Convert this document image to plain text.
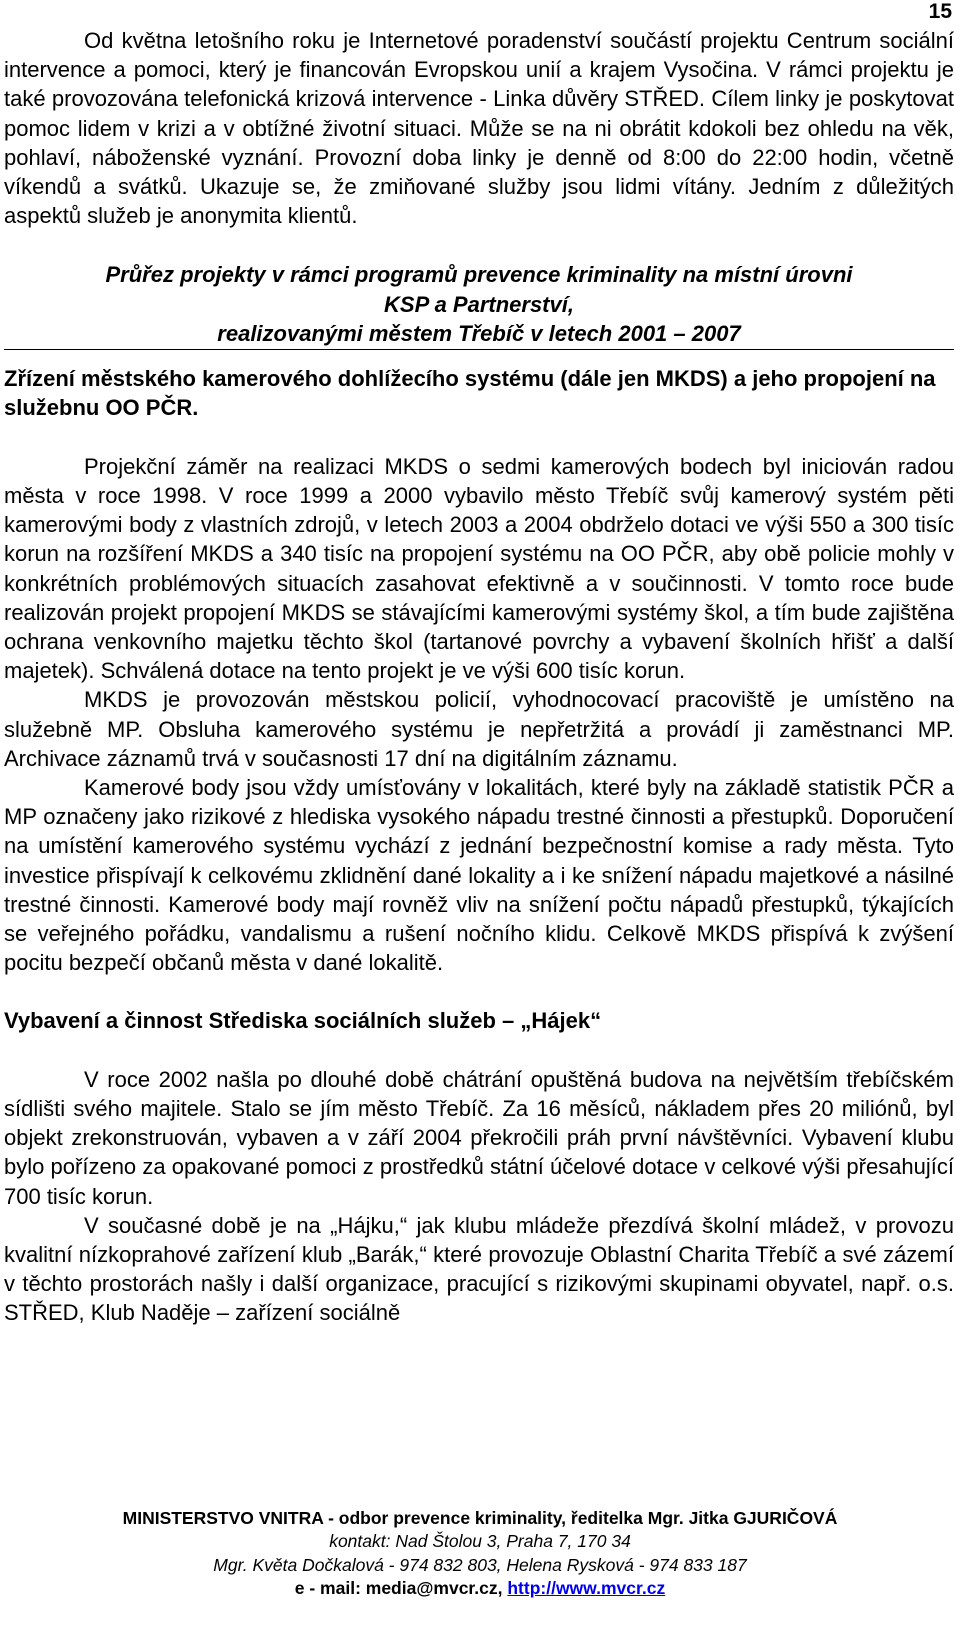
15

Od května letošního roku je Internetové poradenství součástí projektu Centrum sociální intervence a pomoci, který je financován Evropskou unií a krajem Vysočina. V rámci projektu je také provozována telefonická krizová intervence - Linka důvěry STŘED. Cílem linky je poskytovat pomoc lidem v krizi a v obtížné životní situaci. Může se na ni obrátit kdokoli bez ohledu na věk, pohlaví, náboženské vyznání. Provozní doba linky je denně od 8:00 do 22:00 hodin, včetně víkendů a svátků. Ukazuje se, že zmiňované služby jsou lidmi vítány. Jedním z důležitých aspektů služeb je anonymita klientů.

Průřez projekty v rámci programů prevence kriminality na místní úrovni
KSP a Partnerství,
realizovanými městem Třebíč v letech 2001 – 2007
Zřízení městského kamerového dohlížecího systému (dále jen MKDS) a jeho propojení na služebnu OO PČR.

Projekční záměr na realizaci MKDS o sedmi kamerových bodech byl iniciován radou města v roce 1998. V roce 1999 a 2000 vybavilo město Třebíč svůj kamerový systém pěti kamerovými body z vlastních zdrojů, v letech 2003 a 2004 obdrželo dotaci ve výši 550 a 300 tisíc korun na rozšíření MKDS a 340 tisíc na propojení systému na OO PČR, aby obě policie mohly v konkrétních problémových situacích zasahovat efektivně a v součinnosti. V tomto roce bude realizován projekt propojení MKDS se stávajícími kamerovými systémy škol, a tím bude zajištěna ochrana venkovního majetku těchto škol (tartanové povrchy a vybavení školních hřišť a další majetek). Schválená dotace na tento projekt je ve výši 600 tisíc korun.

MKDS je provozován městskou policií, vyhodnocovací pracoviště je umístěno na služebně MP. Obsluha kamerového systému je nepřetržitá a provádí ji zaměstnanci MP. Archivace záznamů trvá v současnosti 17 dní na digitálním záznamu.

Kamerové body jsou vždy umísťovány v lokalitách, které byly na základě statistik PČR a MP označeny jako rizikové z hlediska vysokého nápadu trestné činnosti a přestupků. Doporučení na umístění kamerového systému vychází z jednání bezpečnostní komise a rady města. Tyto investice přispívají k celkovému zklidnění dané lokality a i ke snížení nápadu majetkové a násilné trestné činnosti. Kamerové body mají rovněž vliv na snížení počtu nápadů přestupků, týkajících se veřejného pořádku, vandalismu a rušení nočního klidu. Celkově MKDS přispívá k zvýšení pocitu bezpečí občanů města v dané lokalitě.

Vybavení a činnost Střediska sociálních služeb – „Hájek“

V roce 2002 našla po dlouhé době chátrání opuštěná budova na největším třebíčském sídlišti svého majitele. Stalo se jím město Třebíč. Za 16 měsíců, nákladem přes 20 miliónů, byl objekt zrekonstruován, vybaven a v září 2004 překročili práh první návštěvníci. Vybavení klubu bylo pořízeno za opakované pomoci z prostředků státní účelové dotace v celkové výši přesahující 700 tisíc korun.

V současné době je na „Hájku,“ jak klubu mládeže přezdívá školní mládež, v provozu kvalitní nízkoprahové zařízení klub „Barák,“ které provozuje Oblastní Charita Třebíč a své zázemí v těchto prostorách našly i další organizace, pracující s rizikovými skupinami obyvatel, např. o.s. STŘED, Klub Naděje – zařízení sociálně

MINISTERSTVO VNITRA - odbor prevence kriminality, ředitelka Mgr. Jitka GJURIČOVÁ
kontakt: Nad Štolou 3, Praha 7, 170 34
Mgr. Květa Dočkalová - 974 832 803, Helena Rysková - 974 833 187
e - mail: media@mvcr.cz, http://www.mvcr.cz
